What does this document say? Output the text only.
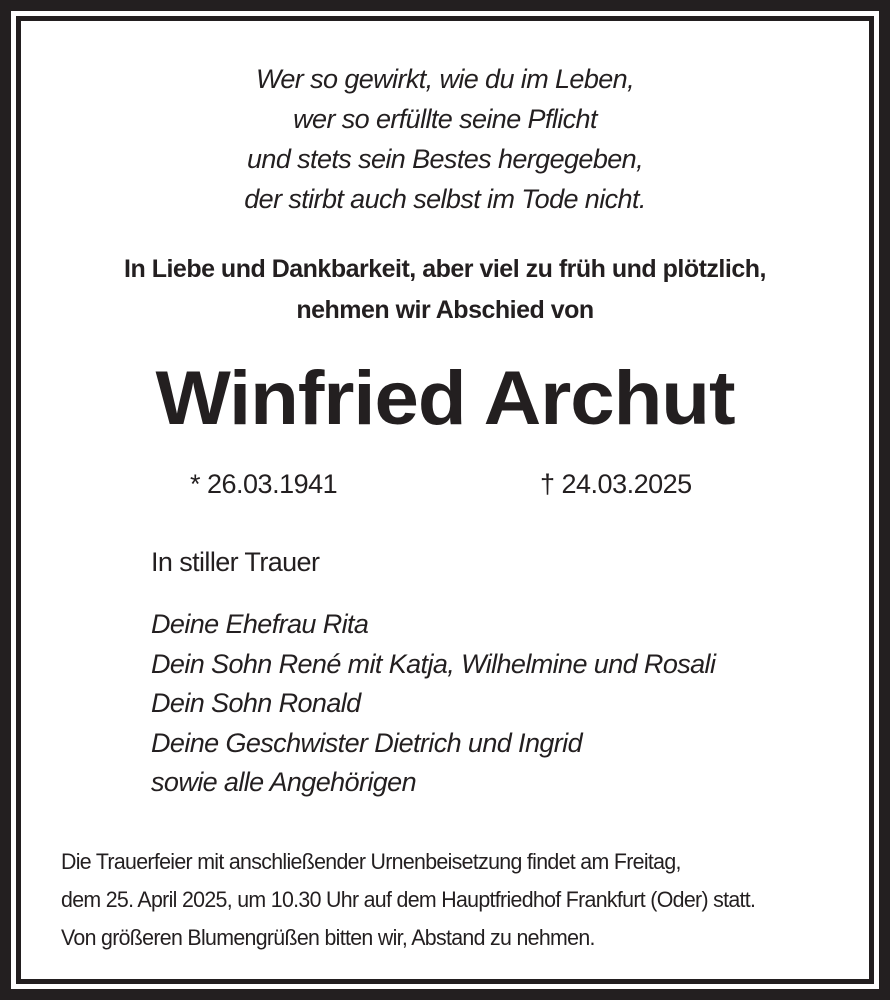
Wer so gewirkt, wie du im Leben,
wer so erfüllte seine Pflicht
und stets sein Bestes hergegeben,
der stirbt auch selbst im Tode nicht.
In Liebe und Dankbarkeit, aber viel zu früh und plötzlich,
nehmen wir Abschied von
Winfried Archut
* 26.03.1941	† 24.03.2025
In stiller Trauer
Deine Ehefrau Rita
Dein Sohn René mit Katja, Wilhelmine und Rosali
Dein Sohn Ronald
Deine Geschwister Dietrich und Ingrid
sowie alle Angehörigen
Die Trauerfeier mit anschließender Urnenbeisetzung findet am Freitag,
dem 25. April 2025, um 10.30 Uhr auf dem Hauptfriedhof Frankfurt (Oder) statt.
Von größeren Blumengrüßen bitten wir, Abstand zu nehmen.
